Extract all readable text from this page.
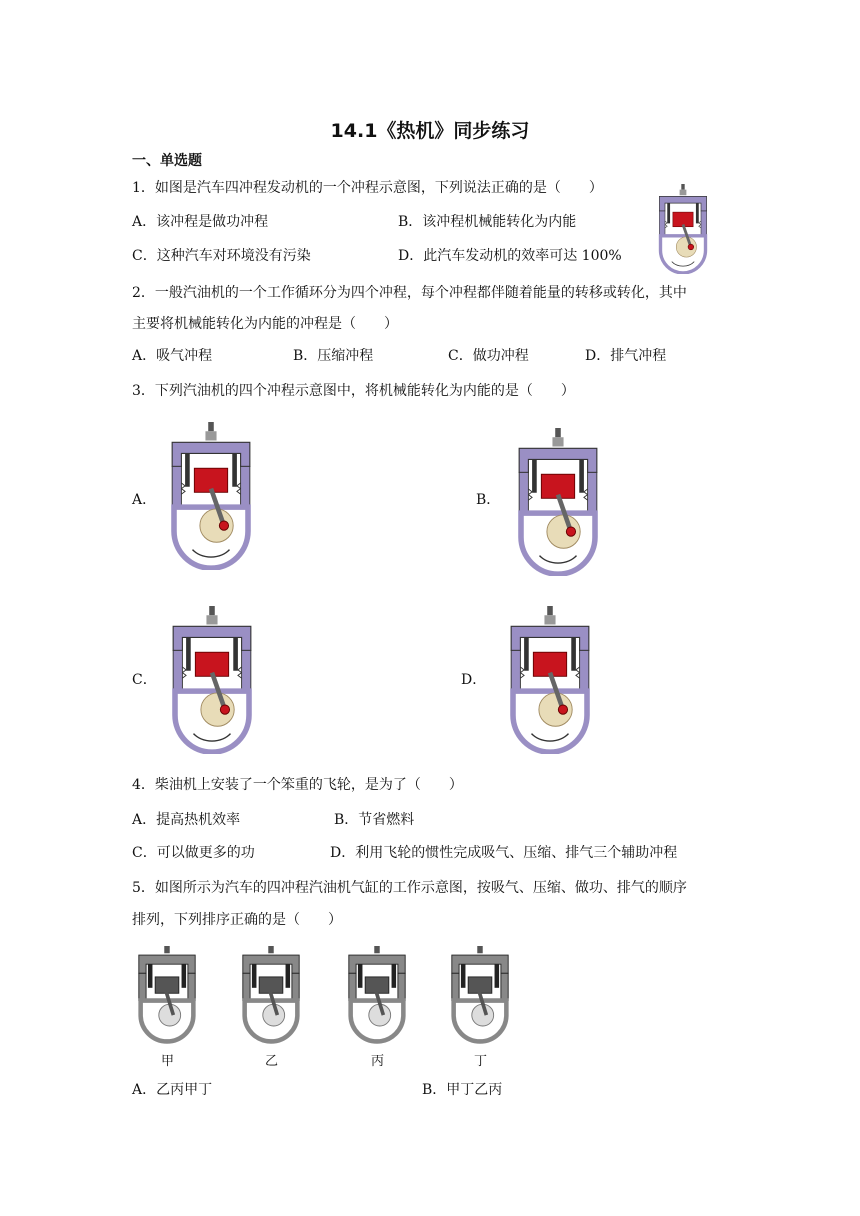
14.1《热机》同步练习
一、单选题
1．如图是汽车四冲程发动机的一个冲程示意图，下列说法正确的是（　　）
A．该冲程是做功冲程	B．该冲程机械能转化为内能
C．这种汽车对环境没有污染	D．此汽车发动机的效率可达 100%
2．一般汽油机的一个工作循环分为四个冲程，每个冲程都伴随着能量的转移或转化，其中
主要将机械能转化为内能的冲程是（　　）
A．吸气冲程	B．压缩冲程	C．做功冲程	D．排气冲程
3．下列汽油机的四个冲程示意图中，将机械能转化为内能的是（　　）
A．	B．
C．	D．
4．柴油机上安装了一个笨重的飞轮，是为了（　　）
A．提高热机效率	B．节省燃料
C．可以做更多的功	D．利用飞轮的惯性完成吸气、压缩、排气三个辅助冲程
5．如图所示为汽车的四冲程汽油机气缸的工作示意图，按吸气、压缩、做功、排气的顺序
排列，下列排序正确的是（　　）
甲	乙	丙	丁
A．乙丙甲丁	B．甲丁乙丙
